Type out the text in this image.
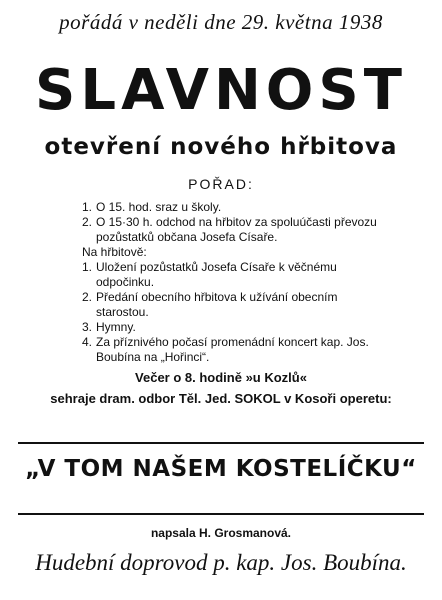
pořádá v neděli dne 29. května 1938
SLAVNOST
otevření nového hřbitova
POŘAD:
1. O 15. hod. sraz u školy.
2. O 15·30 h. odchod na hřbitov za spoluúčasti převozu pozůstatků občana Josefa Císaře.
Na hřbitově:
1. Uložení pozůstatků Josefa Císaře k věčnému odpočinku.
2. Předání obecního hřbitova k užívání obecním starostou.
3. Hymny.
4. Za příznivého počasí promenádní koncert kap. Jos. Boubína na „Hořinci“.
Večer o 8. hodině »u Kozlů«
sehraje dram. odbor Těl. Jed. SOKOL v Kosoři operetu:
„V TOM NAŠEM KOSTELÍČKU“
napsala H. Grosmanová.
Hudební doprovod p. kap. Jos. Boubína.
